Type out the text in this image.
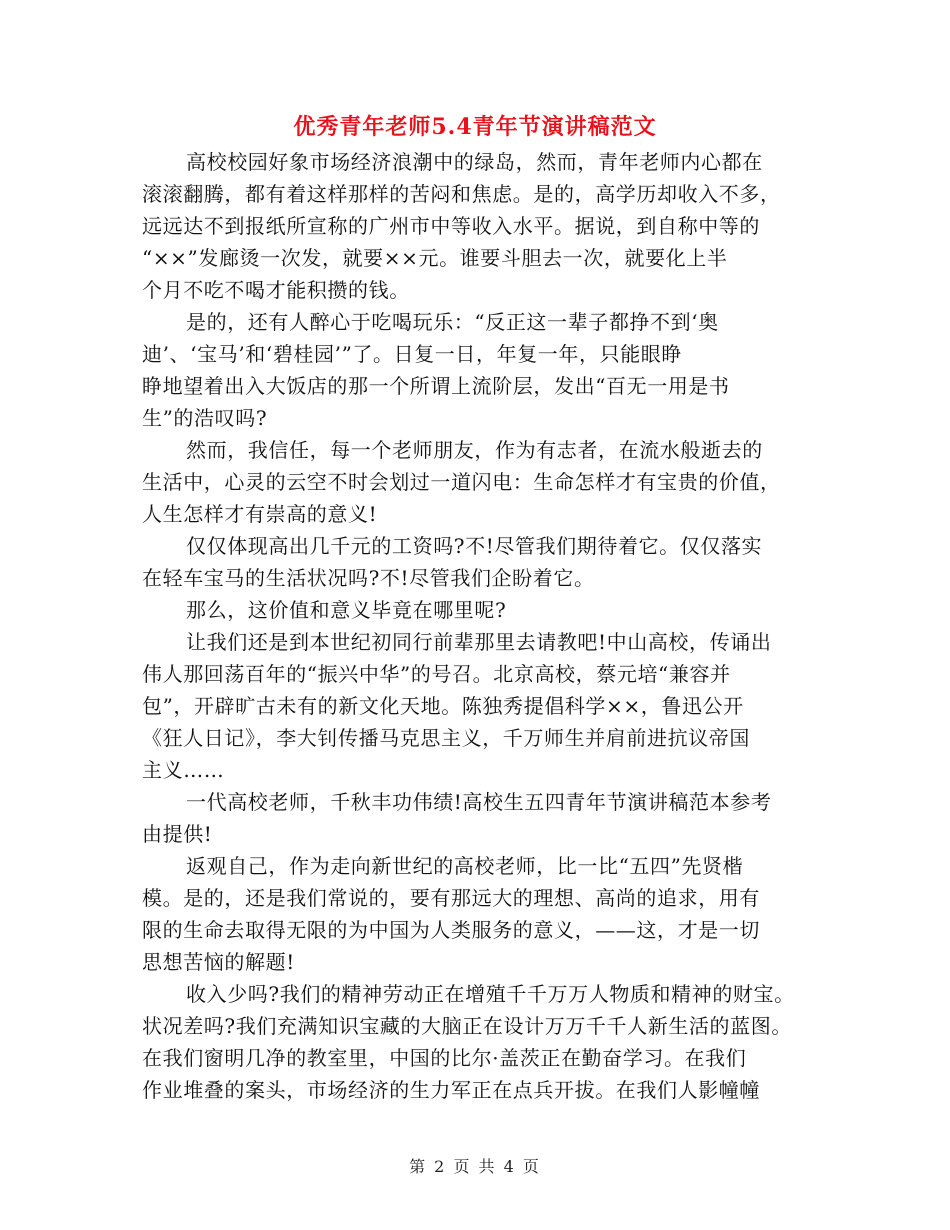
优秀青年老师5.4青年节演讲稿范文
高校校园好象市场经济浪潮中的绿岛，然而，青年老师内心都在
滚滚翻腾，都有着这样那样的苦闷和焦虑。是的，高学历却收入不多，
远远达不到报纸所宣称的广州市中等收入水平。据说，到自称中等的
“××”发廊烫一次发，就要××元。谁要斗胆去一次，就要化上半
个月不吃不喝才能积攒的钱。
是的，还有人醉心于吃喝玩乐：“反正这一辈子都挣不到‘奥
迪’、‘宝马’和‘碧桂园’”了。日复一日，年复一年，只能眼睁
睁地望着出入大饭店的那一个所谓上流阶层，发出“百无一用是书
生”的浩叹吗?
然而，我信任，每一个老师朋友，作为有志者，在流水般逝去的
生活中，心灵的云空不时会划过一道闪电：生命怎样才有宝贵的价值，
人生怎样才有崇高的意义!
仅仅体现高出几千元的工资吗?不!尽管我们期待着它。仅仅落实
在轻车宝马的生活状况吗?不!尽管我们企盼着它。
那么，这价值和意义毕竟在哪里呢?
让我们还是到本世纪初同行前辈那里去请教吧!中山高校，传诵出
伟人那回荡百年的“振兴中华”的号召。北京高校，蔡元培“兼容并
包”，开辟旷古未有的新文化天地。陈独秀提倡科学××，鲁迅公开
《狂人日记》，李大钊传播马克思主义，千万师生并肩前进抗议帝国
主义……
一代高校老师，千秋丰功伟绩!高校生五四青年节演讲稿范本参考
由提供!
返观自己，作为走向新世纪的高校老师，比一比“五四”先贤楷
模。是的，还是我们常说的，要有那远大的理想、高尚的追求，用有
限的生命去取得无限的为中国为人类服务的意义，——这，才是一切
思想苦恼的解题!
收入少吗?我们的精神劳动正在增殖千千万万人物质和精神的财宝。
状况差吗?我们充满知识宝藏的大脑正在设计万万千千人新生活的蓝图。
在我们窗明几净的教室里，中国的比尔·盖茨正在勤奋学习。在我们
作业堆叠的案头，市场经济的生力军正在点兵开拔。在我们人影幢幢
第 2 页 共 4 页
